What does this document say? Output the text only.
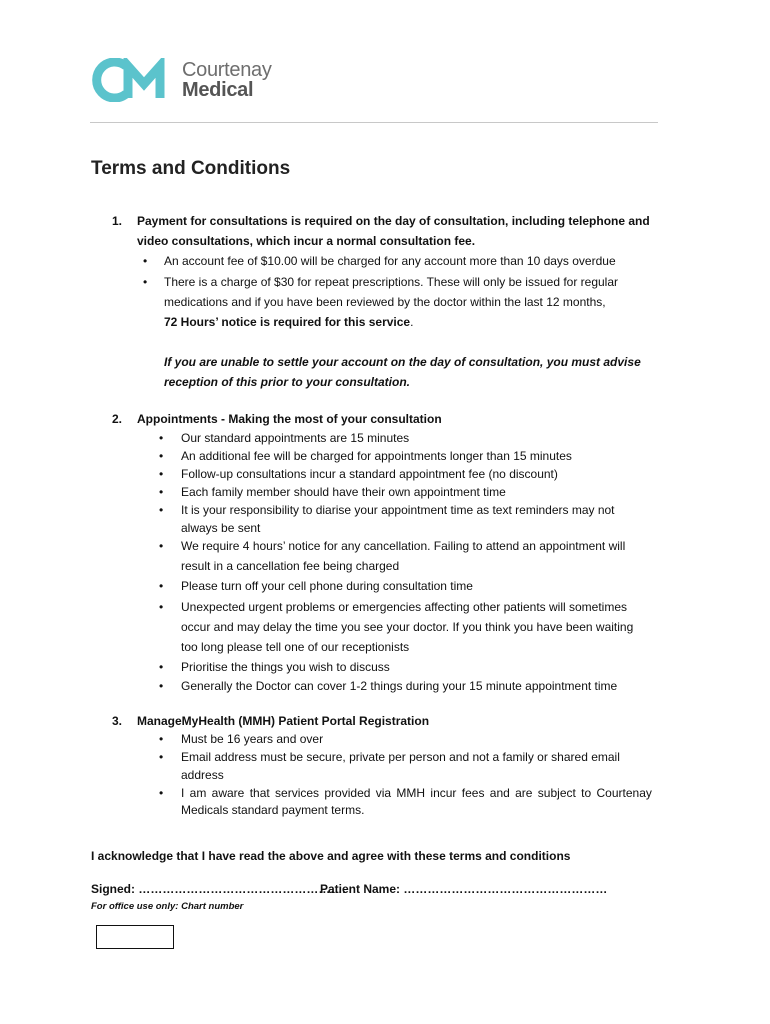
Courtenay
Medical
Terms and Conditions
1. Payment for consultations is required on the day of consultation, including telephone and
video consultations, which incur a normal consultation fee.
• An account fee of $10.00 will be charged for any account more than 10 days overdue
• There is a charge of $30 for repeat prescriptions. These will only be issued for regular
medications and if you have been reviewed by the doctor within the last 12 months,
72 Hours’ notice is required for this service.
If you are unable to settle your account on the day of consultation, you must advise
reception of this prior to your consultation.
2. Appointments - Making the most of your consultation
• Our standard appointments are 15 minutes
• An additional fee will be charged for appointments longer than 15 minutes
• Follow-up consultations incur a standard appointment fee (no discount)
• Each family member should have their own appointment time
• It is your responsibility to diarise your appointment time as text reminders may not
always be sent
• We require 4 hours’ notice for any cancellation. Failing to attend an appointment will
result in a cancellation fee being charged
• Please turn off your cell phone during consultation time
• Unexpected urgent problems or emergencies affecting other patients will sometimes
occur and may delay the time you see your doctor. If you think you have been waiting
too long please tell one of our receptionists
• Prioritise the things you wish to discuss
• Generally the Doctor can cover 1-2 things during your 15 minute appointment time
3. ManageMyHealth (MMH) Patient Portal Registration
• Must be 16 years and over
• Email address must be secure, private per person and not a family or shared email
address
• I am aware that services provided via MMH incur fees and are subject to Courtenay
Medicals standard payment terms.
I acknowledge that I have read the above and agree with these terms and conditions
Signed: …………………………………………….
Patient Name: ……………………………………………
For office use only: Chart number
